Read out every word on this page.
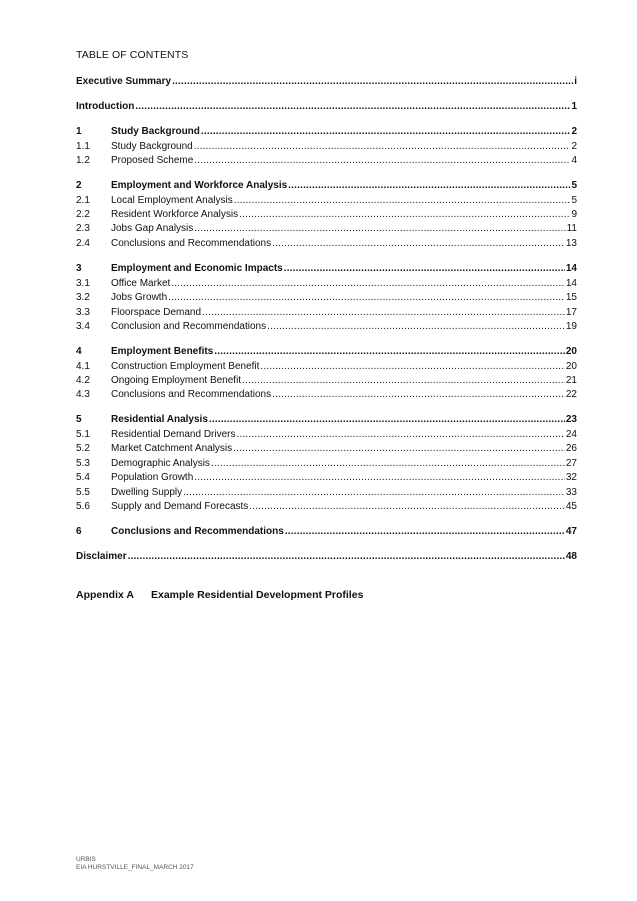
TABLE OF CONTENTS
Executive Summary .....	i
Introduction .....	1
1	Study Background .....	2
1.1	Study Background .....	2
1.2	Proposed Scheme .....	4
2	Employment and Workforce Analysis .....	5
2.1	Local Employment Analysis .....	5
2.2	Resident Workforce Analysis .....	9
2.3	Jobs Gap Analysis .....	11
2.4	Conclusions and Recommendations .....	13
3	Employment and Economic Impacts .....	14
3.1	Office Market .....	14
3.2	Jobs Growth .....	15
3.3	Floorspace Demand .....	17
3.4	Conclusion and Recommendations .....	19
4	Employment Benefits .....	20
4.1	Construction Employment Benefit .....	20
4.2	Ongoing Employment Benefit .....	21
4.3	Conclusions and Recommendations .....	22
5	Residential Analysis .....	23
5.1	Residential Demand Drivers .....	24
5.2	Market Catchment Analysis .....	26
5.3	Demographic Analysis .....	27
5.4	Population Growth .....	32
5.5	Dwelling Supply .....	33
5.6	Supply and Demand Forecasts .....	45
6	Conclusions and Recommendations .....	47
Disclaimer .....	48
Appendix A	Example Residential Development Profiles
URBIS
EIA HURSTVILLE_FINAL_MARCH 2017
